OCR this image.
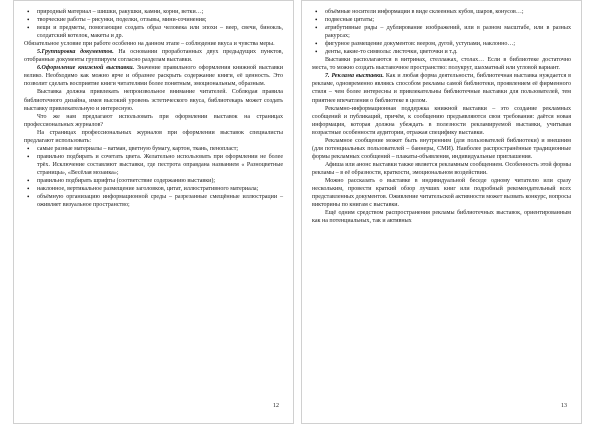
• природный материал – шишки, ракушки, камни, корни, ветки…;

• творческие работы – рисунки, поделки, отзывы, мини-сочинения;

• вещи и предметы, помогающие создать образ человека или эпохи – веер, свечи, бинокль, солдатский котелок, макеты и др.

Обязательное условие при работе особенно на данном этапе – соблюдение вкуса и чувства меры.

5.Группировка документов. На основании проработанных двух предыдущих пунктов, отобранные документы группируем согласно разделам выставки.

6.Оформление книжной выставки. Значение правильного оформления книжной выставки велико. Необходимо как можно ярче и образнее раскрыть содержание книги, её ценность. Это позволит сделать восприятие книги читателями более понятным, эмоциональным, образным.

Выставка должна привлекать непроизвольное внимание читателей. Соблюдая правила библиотечного дизайна, имея высокий уровень эстетического вкуса, библиотекарь может создать выставку привлекательную и интересную.

Что же нам предлагают использовать при оформлении выставок на страницах профессиональных журналов?

На страницах профессиональных журналов при оформлении выставок специалисты предлагают использовать:

• самые разные материалы – ватман, цветную бумагу, картон, ткань, пенопласт;

• правильно подбирать и сочетать цвета. Желательно использовать при оформлении не более трёх. Исключение составляют выставки, где пестрота оправдана названием « Разноцветные страницы», «Весёлая мозаика»;

• правильно подбирать шрифты (соответствие содержанию выставки);

• наклонное, вертикальное размещение заголовков, цитат, иллюстративного материала;

• объёмную организацию информационной среды – разрезанные смещённые иллюстрации – оживляет визуальное пространство;

12

• объёмные носители информации в виде склеенных кубов, шаров, конусов…;

• подвесные цитаты;

• атрибутивные ряды – дублирование изображений, или в разном масштабе, или в разных ракурсах;

• фигурное размещение документов: веером, дугой, уступами, наклонно…;

• денты, какие-то символы: листочки, цветочки и т.д.

Выставки располагаются в витринах, стеллажах, столах… Если в библиотеке достаточно места, то можно создать выставочное пространство: полукруг, шахматный или угловой вариант.

7. Реклама выставки. Как и любая форма деятельности, библиотечная выставка нуждается в рекламе, одновременно являясь способом рекламы самой библиотеки, проявлением её фирменного стиля – чем более интересны и привлекательны библиотечные выставки для пользователей, тем приятнее впечатления о библиотеке в целом.

Рекламно-информационная поддержка книжной выставки – это создание рекламных сообщений и публикаций, причём, к сообщению предъявляются свои требования: даётся новая информация, которая должна убеждать в полезности рекламируемой выставки, учитывая возрастные особенности аудитории, отражая специфику выставки.

Рекламное сообщение может быть внутренним (для пользователей библиотеки) и внешним (для потенциальных пользователей – баннеры, СМИ). Наиболее распространённые традиционные формы рекламных сообщений – плакаты-объявления, индивидуальные приглашения.

Афиша или анонс выставки также является рекламным сообщением. Особенность этой формы рекламы – в её образности, краткости, эмоциональном воздействии.

Можно рассказать о выставке в индивидуальной беседе одному читателю или сразу нескольким, провести краткий обзор лучших книг или подробный рекомендательный всех представленных документов. Оживление читательской активности может вызвать конкурс, вопросы викторины по книгам с выставки.

Ещё одним средством распространения рекламы библиотечных выставок, ориентированным как на потенциальных, так и активных

13
